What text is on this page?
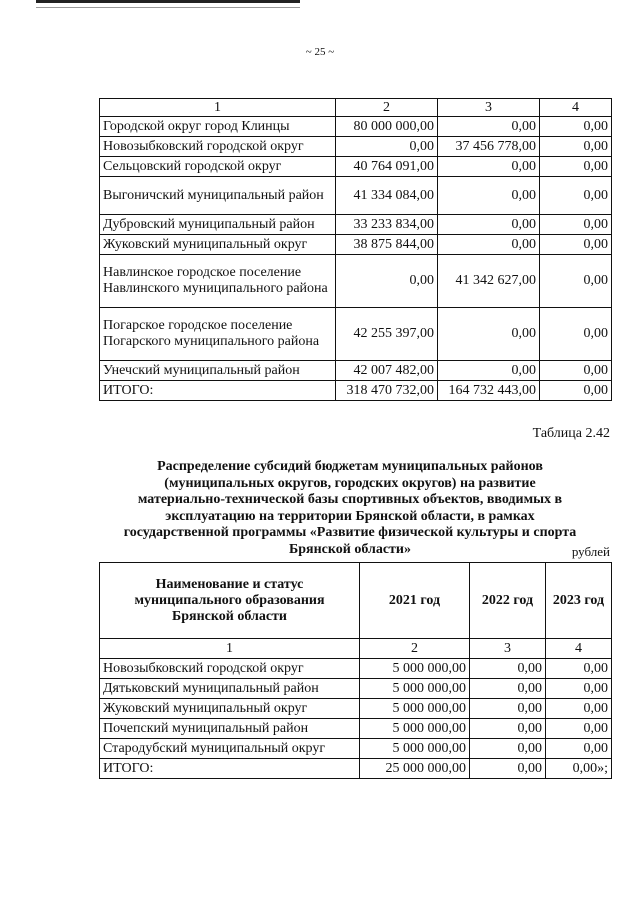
~ 25 ~
1	2	3	4
Городской округ город Клинцы	80 000 000,00	0,00	0,00
Новозыбковский городской округ	0,00	37 456 778,00	0,00
Сельцовский городской округ	40 764 091,00	0,00	0,00
Выгоничский муниципальный район	41 334 084,00	0,00	0,00
Дубровский муниципальный район	33 233 834,00	0,00	0,00
Жуковский муниципальный округ	38 875 844,00	0,00	0,00
Навлинское городское поселение Навлинского муниципального района	0,00	41 342 627,00	0,00
Погарское городское поселение Погарского муниципального района	42 255 397,00	0,00	0,00
Унечский муниципальный район	42 007 482,00	0,00	0,00
ИТОГО:	318 470 732,00	164 732 443,00	0,00
Таблица 2.42
Распределение субсидий бюджетам муниципальных районов (муниципальных округов, городских округов) на развитие материально-технической базы спортивных объектов, вводимых в эксплуатацию на территории Брянской области, в рамках государственной программы «Развитие физической культуры и спорта Брянской области»	рублей
Наименование и статус муниципального образования Брянской области	2021 год	2022 год	2023 год
1	2	3	4
Новозыбковский городской округ	5 000 000,00	0,00	0,00
Дятьковский муниципальный район	5 000 000,00	0,00	0,00
Жуковский муниципальный округ	5 000 000,00	0,00	0,00
Почепский муниципальный район	5 000 000,00	0,00	0,00
Стародубский муниципальный округ	5 000 000,00	0,00	0,00
ИТОГО:	25 000 000,00	0,00	0,00»;
